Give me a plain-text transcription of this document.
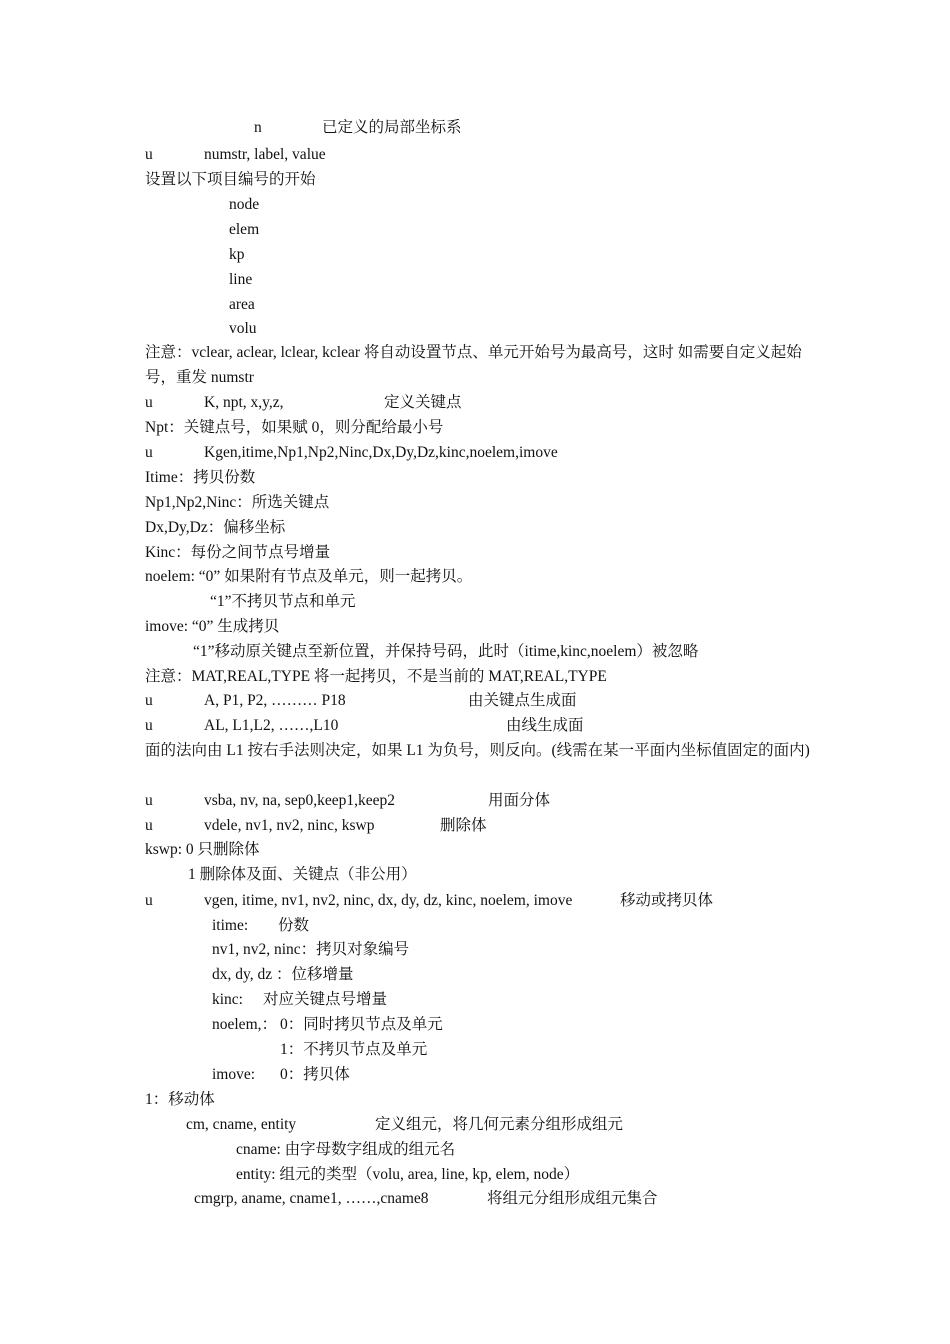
n	已定义的局部坐标系
u	numstr, label, value
设置以下项目编号的开始
node
elem
kp
line
area
volu
注意：vclear, aclear, lclear, kclear 将自动设置节点、单元开始号为最高号，这时 如需要自定义起始号，重发 numstr
u	K, npt, x,y,z,	定义关键点
Npt：关键点号，如果赋 0，则分配给最小号
u	Kgen,itime,Np1,Np2,Ninc,Dx,Dy,Dz,kinc,noelem,imove
Itime：拷贝份数
Np1,Np2,Ninc：所选关键点
Dx,Dy,Dz：偏移坐标
Kinc：每份之间节点号增量
noelem: “0” 如果附有节点及单元，则一起拷贝。
“1”不拷贝节点和单元
imove: “0” 生成拷贝
“1”移动原关键点至新位置，并保持号码，此时（itime,kinc,noelem）被忽略
注意：MAT,REAL,TYPE 将一起拷贝，不是当前的 MAT,REAL,TYPE
u	A, P1, P2, ……… P18	由关键点生成面
u	AL, L1,L2, ……,L10	由线生成面
面的法向由 L1 按右手法则决定，如果 L1 为负号，则反向。(线需在某一平面内坐标值固定的面内)
u	vsba, nv, na, sep0,keep1,keep2	用面分体
u	vdele, nv1, nv2, ninc, kswp	删除体
kswp: 0 只删除体
1 删除体及面、关键点（非公用）
u	vgen, itime, nv1, nv2, ninc, dx, dy, dz, kinc, noelem, imove	移动或拷贝体
itime: 份数
nv1, nv2, ninc：拷贝对象编号
dx, dy, dz ：位移增量
kinc: 对应关键点号增量
noelem,： 0：同时拷贝节点及单元
1：不拷贝节点及单元
imove: 0：拷贝体
1：移动体
cm, cname, entity	定义组元，将几何元素分组形成组元
cname: 由字母数字组成的组元名
entity: 组元的类型（volu, area, line, kp, elem, node）
cmgrp, aname, cname1, ……,cname8	将组元分组形成组元集合
